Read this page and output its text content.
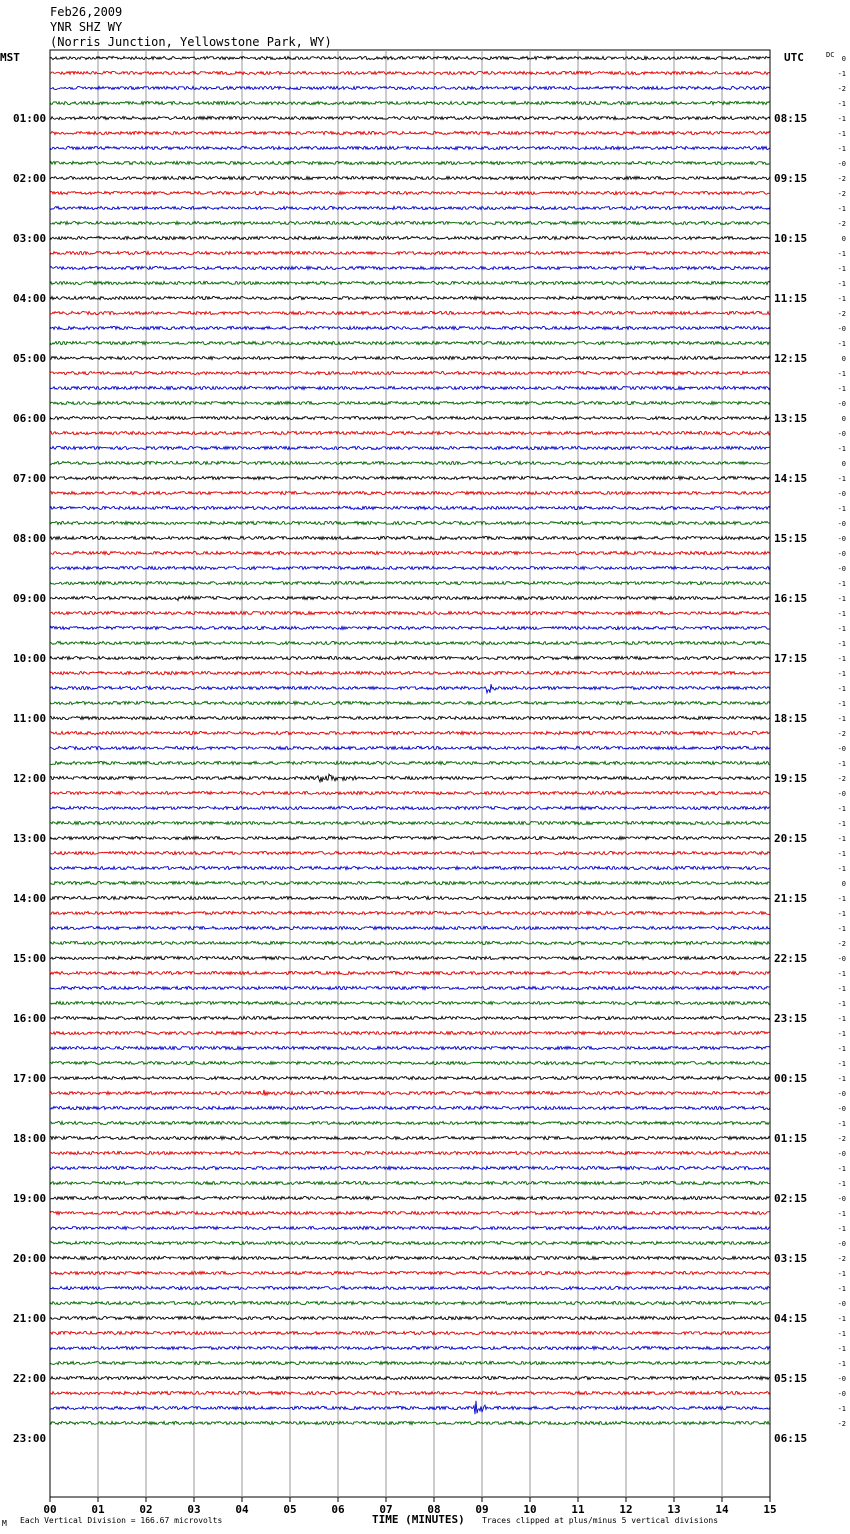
Feb26,2009
YNR SHZ WY
(Norris Junction, Yellowstone Park, WY)
MST	UTC	DC
01:00
02:00
03:00
04:00
05:00
06:00
07:00
08:00
09:00
10:00
11:00
12:00
13:00
14:00
15:00
16:00
17:00
18:00
19:00
20:00
21:00
22:00
23:00
08:15
09:15
10:15
11:15
12:15
13:15
14:15
15:15
16:15
17:15
18:15
19:15
20:15
21:15
22:15
23:15
00:15
01:15
02:15
03:15
04:15
05:15
06:15
0
-1
-2
-1
-1
-1
-1
-0
-2
-2
-1
-2
0
-1
-1
-1
-1
-2
-0
-1
0
-1
-1
-0
0
-0
-1
0
-1
-0
-1
-0
-0
-0
-0
-1
-1
-1
-1
-1
-1
-1
-1
-1
-1
-2
-0
-1
-2
-0
-1
-1
-1
-1
-1
0
-1
-1
-1
-2
-0
-1
-1
-1
-1
-1
-1
-1
-1
-0
-0
-1
-2
-0
-1
-1
-0
-1
-1
-0
-2
-1
-1
-0
-1
-1
-1
-1
-0
-0
-1
-2
00	01	02	03	04	05	06	07	08	09	10	11	12	13	14	15
TIME (MINUTES)
M Each Vertical Division = 166.67 microvolts	Traces clipped at plus/minus 5 vertical divisions
